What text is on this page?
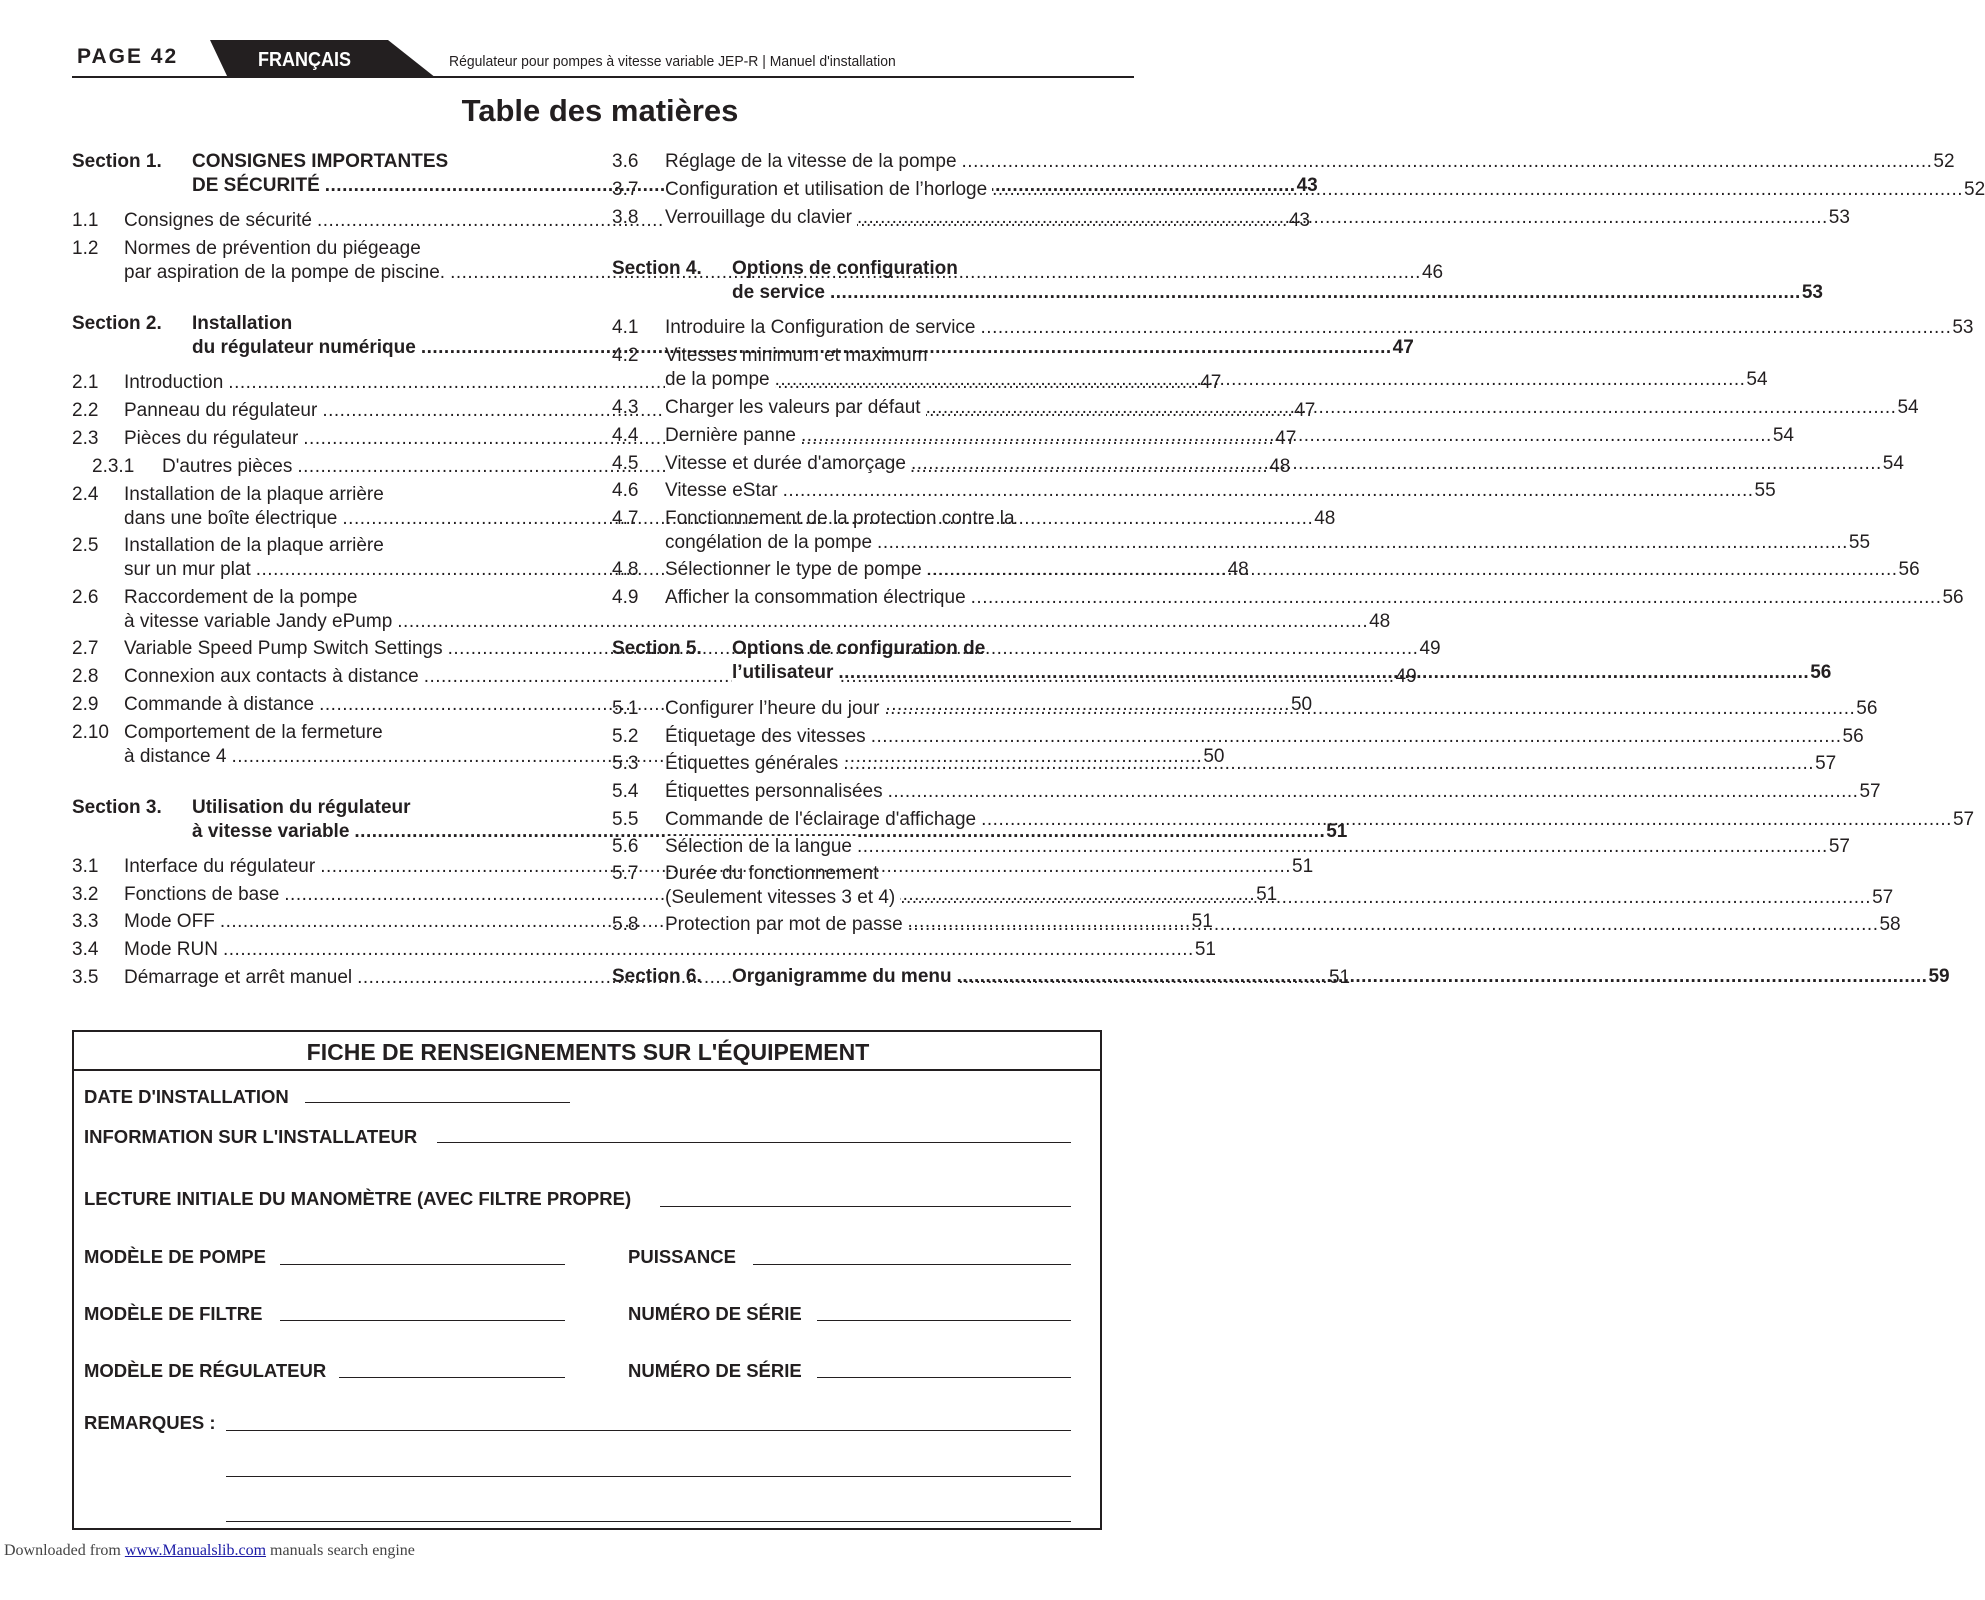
PAGE 42	FRANÇAIS	Régulateur pour pompes à vitesse variable JEP-R | Manuel d'installation
Table des matières
Section 1. CONSIGNES IMPORTANTES
DE SÉCURITÉ .....	43
1.1 Consignes de sécurité .....	43
1.2 Normes de prévention du piégeage
par aspiration de la pompe de piscine. .....	46
Section 2. Installation
du régulateur numérique .....	47
2.1 Introduction .....	47
2.2 Panneau du régulateur .....	47
2.3 Pièces du régulateur .....	47
2.3.1 D'autres pièces .....	48
2.4 Installation de la plaque arrière
dans une boîte électrique .....	48
2.5 Installation de la plaque arrière
sur un mur plat .....	48
2.6 Raccordement de la pompe
à vitesse variable Jandy ePump .....	48
2.7 Variable Speed Pump Switch Settings .....	49
2.8 Connexion aux contacts à distance .....	49
2.9 Commande à distance .....	50
2.10 Comportement de la fermeture
à distance 4 .....	50
Section 3. Utilisation du régulateur
à vitesse variable .....	51
3.1 Interface du régulateur .....	51
3.2 Fonctions de base .....	51
3.3 Mode OFF .....	51
3.4 Mode RUN .....	51
3.5 Démarrage et arrêt manuel .....	51
3.6 Réglage de la vitesse de la pompe .....	52
3.7 Configuration et utilisation de l’horloge .....	52
3.8 Verrouillage du clavier .....	53
Section 4. Options de configuration
de service .....	53
4.1 Introduire la Configuration de service .....	53
4.2 Vitesses minimum et maximum
de la pompe .....	54
4.3 Charger les valeurs par défaut .....	54
4.4 Dernière panne .....	54
4.5 Vitesse et durée d'amorçage .....	54
4.6 Vitesse eStar .....	55
4.7 Fonctionnement de la protection contre la
congélation de la pompe .....	55
4.8 Sélectionner le type de pompe .....	56
4.9 Afficher la consommation électrique .....	56
Section 5. Options de configuration de
l’utilisateur .....	56
5.1 Configurer l’heure du jour .....	56
5.2 Étiquetage des vitesses .....	56
5.3 Étiquettes générales .....	57
5.4 Étiquettes personnalisées .....	57
5.5 Commande de l'éclairage d'affichage .....	57
5.6 Sélection de la langue .....	57
5.7 Durée du fonctionnement
(Seulement vitesses 3 et 4) .....	57
5.8 Protection par mot de passe .....	58
Section 6. Organigramme du menu .....	59
FICHE DE RENSEIGNEMENTS SUR L'ÉQUIPEMENT
DATE D'INSTALLATION
INFORMATION SUR L'INSTALLATEUR
LECTURE INITIALE DU MANOMÈTRE (AVEC FILTRE PROPRE)
MODÈLE DE POMPE	PUISSANCE
MODÈLE DE FILTRE	NUMÉRO DE SÉRIE
MODÈLE DE RÉGULATEUR	NUMÉRO DE SÉRIE
REMARQUES :
Downloaded from www.Manualslib.com manuals search engine
